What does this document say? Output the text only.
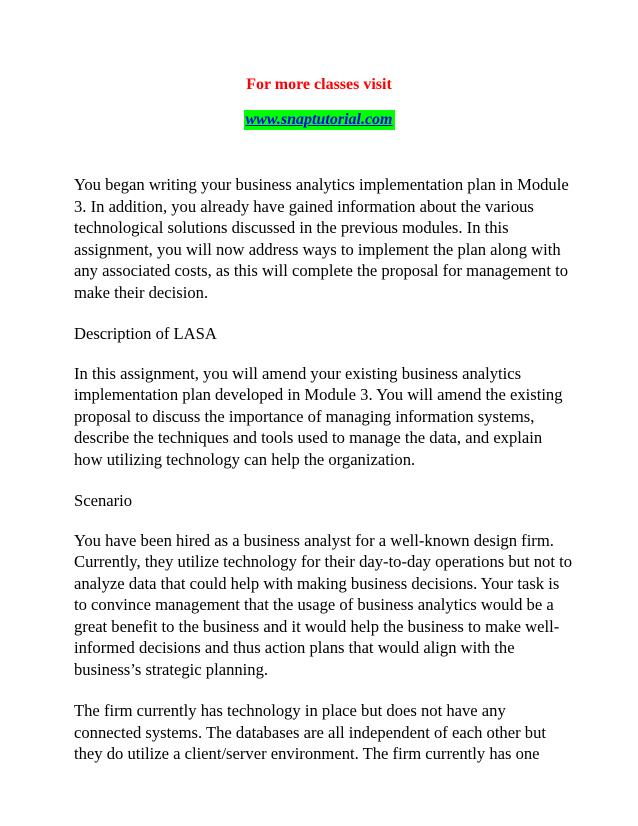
For more classes visit
www.snaptutorial.com

You began writing your business analytics implementation plan in Module 3. In addition, you already have gained information about the various technological solutions discussed in the previous modules. In this assignment, you will now address ways to implement the plan along with any associated costs, as this will complete the proposal for management to make their decision.

Description of LASA

In this assignment, you will amend your existing business analytics implementation plan developed in Module 3. You will amend the existing proposal to discuss the importance of managing information systems, describe the techniques and tools used to manage the data, and explain how utilizing technology can help the organization.

Scenario

You have been hired as a business analyst for a well-known design firm. Currently, they utilize technology for their day-to-day operations but not to analyze data that could help with making business decisions. Your task is to convince management that the usage of business analytics would be a great benefit to the business and it would help the business to make well-informed decisions and thus action plans that would align with the business’s strategic planning.

The firm currently has technology in place but does not have any connected systems. The databases are all independent of each other but they do utilize a client/server environment. The firm currently has one
